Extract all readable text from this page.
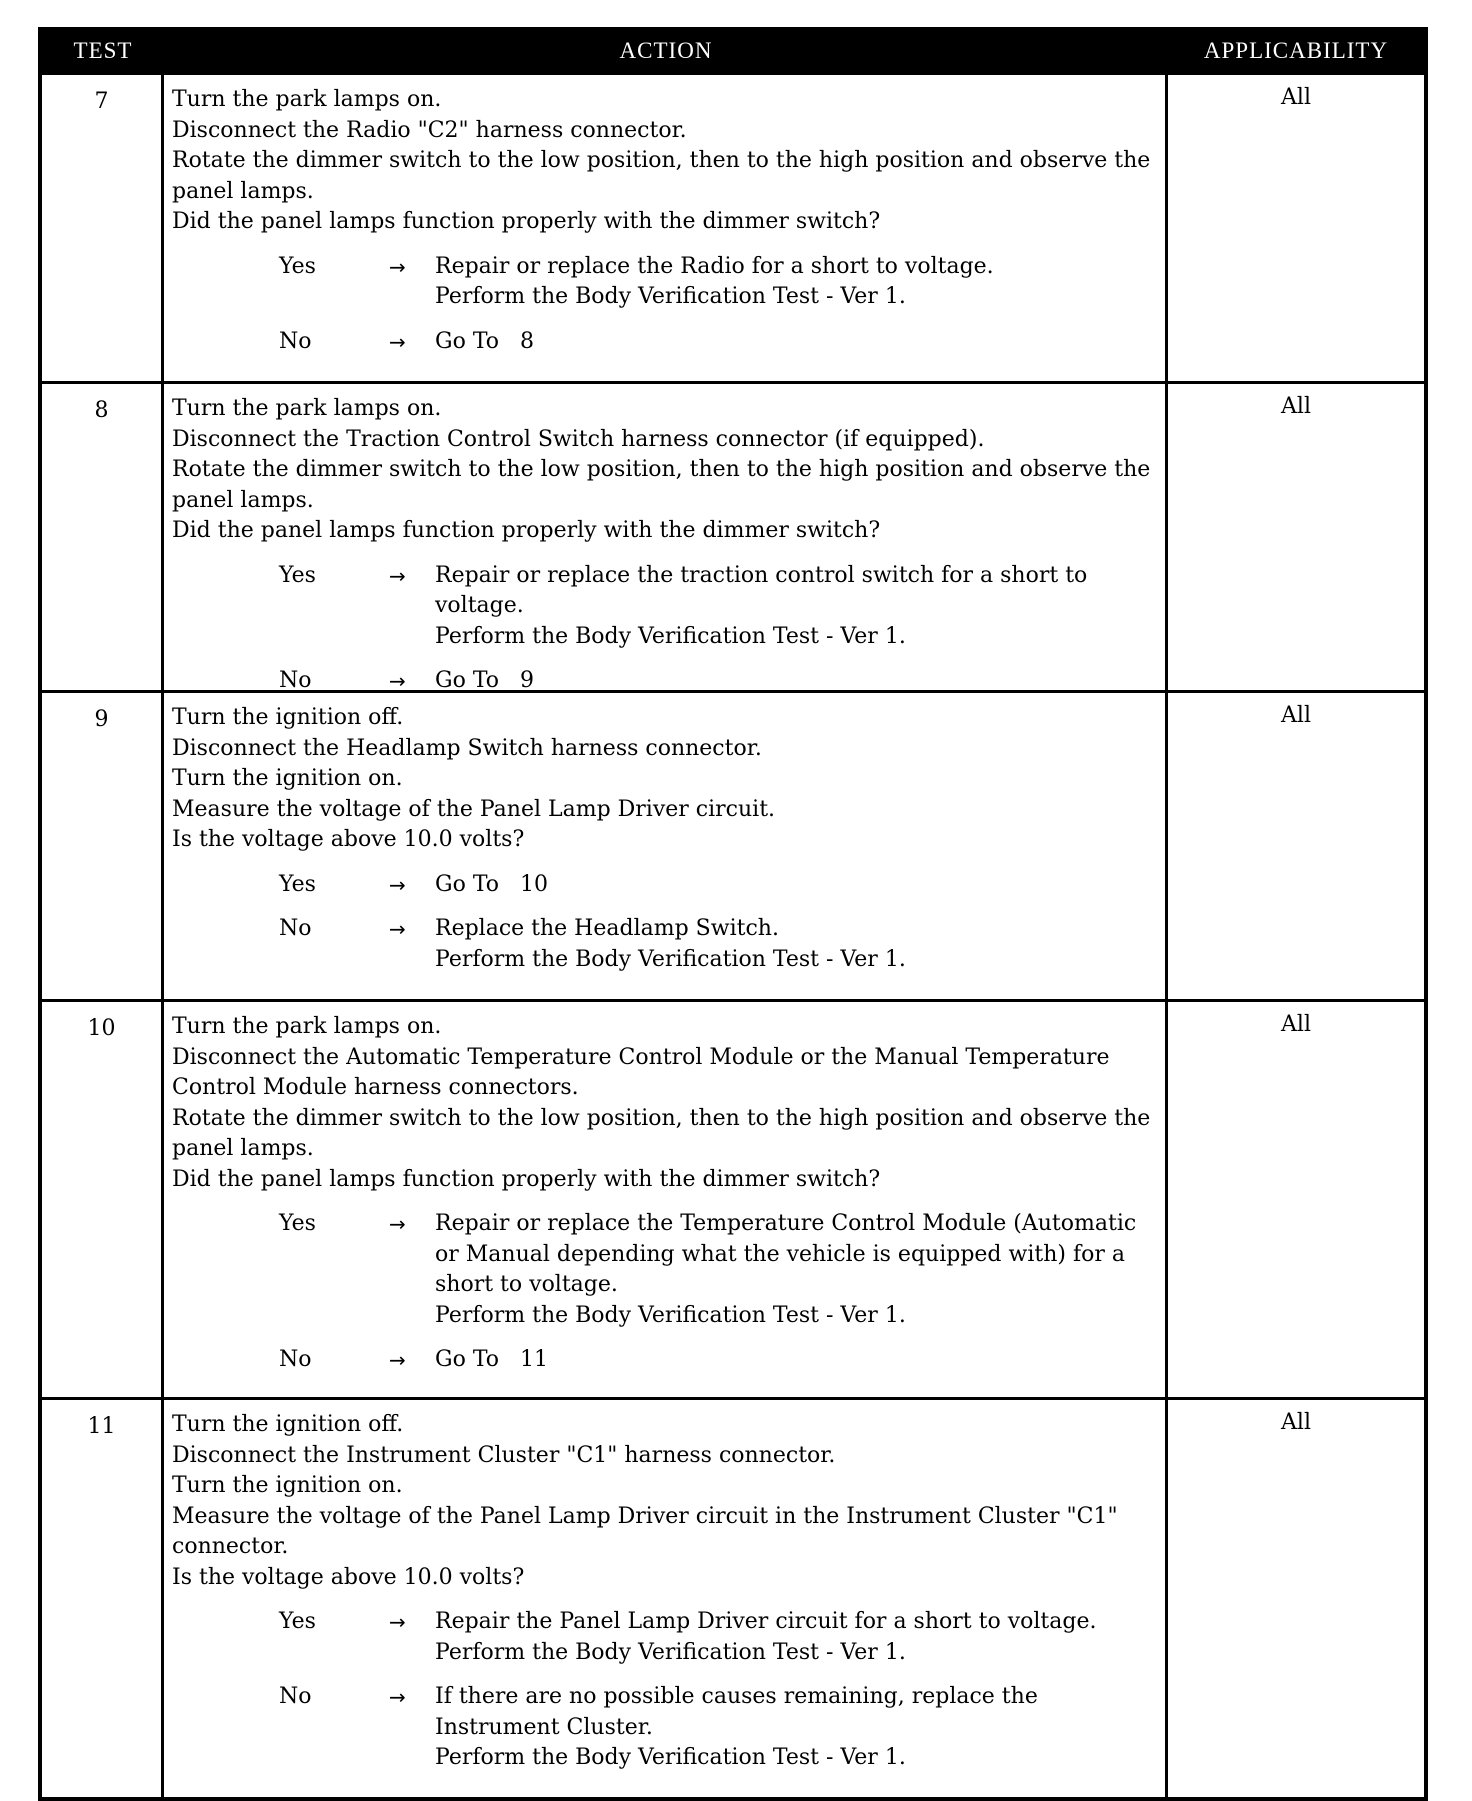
TEST	ACTION	APPLICABILITY
7	Turn the park lamps on.
Disconnect the Radio "C2" harness connector.
Rotate the dimmer switch to the low position, then to the high position and observe the panel lamps.
Did the panel lamps function properly with the dimmer switch?
Yes	→	Repair or replace the Radio for a short to voltage.
Perform the Body Verification Test - Ver 1.
No	→	Go To   8
All
8	Turn the park lamps on.
Disconnect the Traction Control Switch harness connector (if equipped).
Rotate the dimmer switch to the low position, then to the high position and observe the panel lamps.
Did the panel lamps function properly with the dimmer switch?
Yes	→	Repair or replace the traction control switch for a short to voltage.
Perform the Body Verification Test - Ver 1.
No	→	Go To   9
All
9	Turn the ignition off.
Disconnect the Headlamp Switch harness connector.
Turn the ignition on.
Measure the voltage of the Panel Lamp Driver circuit.
Is the voltage above 10.0 volts?
Yes	→	Go To   10
No	→	Replace the Headlamp Switch.
Perform the Body Verification Test - Ver 1.
All
10	Turn the park lamps on.
Disconnect the Automatic Temperature Control Module or the Manual Temperature Control Module harness connectors.
Rotate the dimmer switch to the low position, then to the high position and observe the panel lamps.
Did the panel lamps function properly with the dimmer switch?
Yes	→	Repair or replace the Temperature Control Module (Automatic or Manual depending what the vehicle is equipped with) for a short to voltage.
Perform the Body Verification Test - Ver 1.
No	→	Go To   11
All
11	Turn the ignition off.
Disconnect the Instrument Cluster "C1" harness connector.
Turn the ignition on.
Measure the voltage of the Panel Lamp Driver circuit in the Instrument Cluster "C1" connector.
Is the voltage above 10.0 volts?
Yes	→	Repair the Panel Lamp Driver circuit for a short to voltage.
Perform the Body Verification Test - Ver 1.
No	→	If there are no possible causes remaining, replace the Instrument Cluster.
Perform the Body Verification Test - Ver 1.
All
